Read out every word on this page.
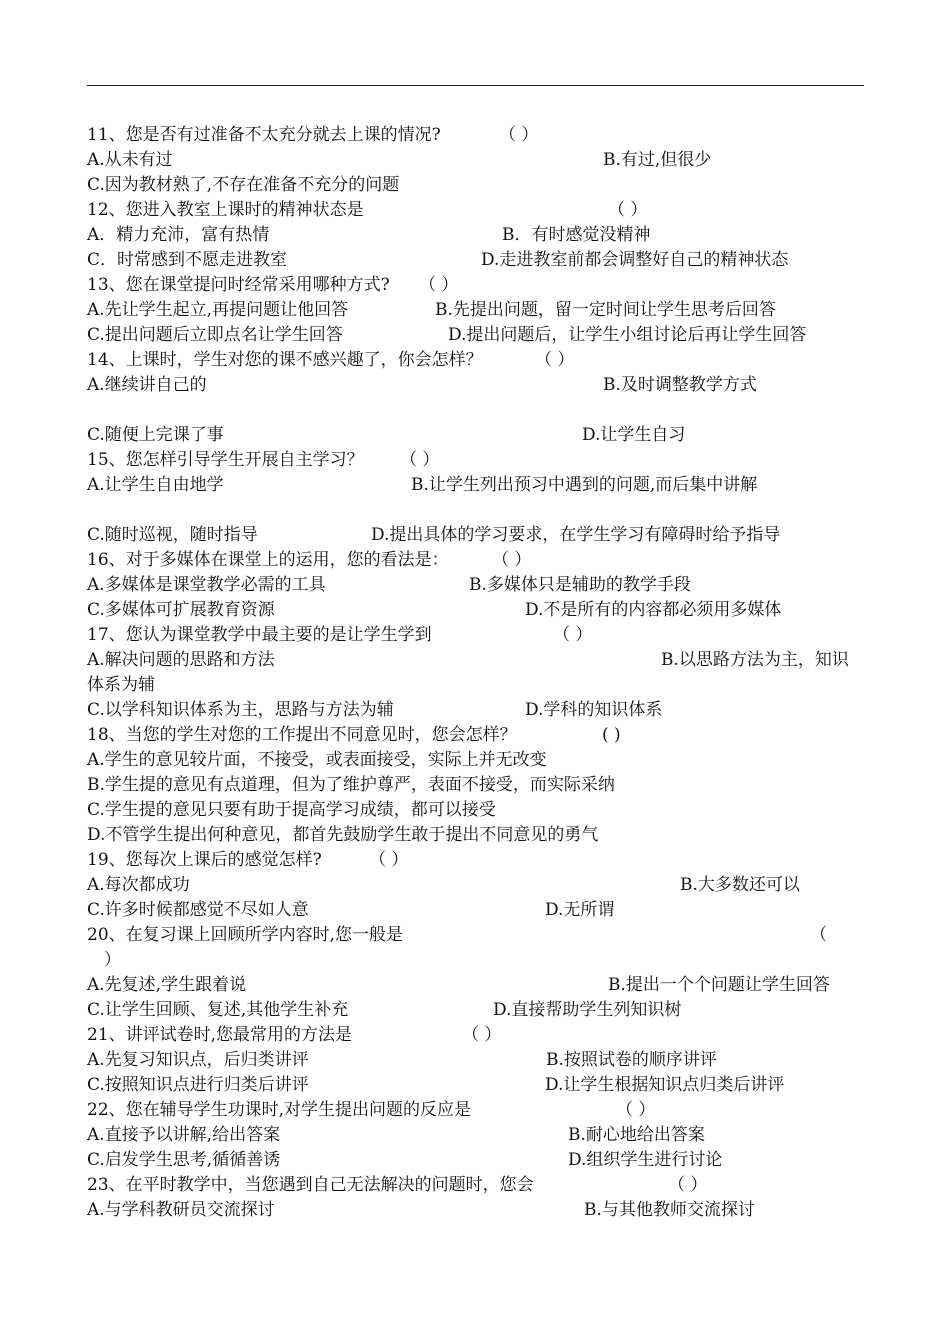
11、您是否有过准备不太充分就去上课的情况?	（ ）
A.从未有过	B.有过,但很少
C.因为教材熟了,不存在准备不充分的问题
12、您进入教室上课时的精神状态是	（ ）
A．精力充沛，富有热情	B．有时感觉没精神
C．时常感到不愿走进教室	D.走进教室前都会调整好自己的精神状态
13、您在课堂提问时经常采用哪种方式? （ ）
A.先让学生起立,再提问题让他回答	B.先提出问题，留一定时间让学生思考后回答
C.提出问题后立即点名让学生回答	D.提出问题后，让学生小组讨论后再让学生回答
14、上课时，学生对您的课不感兴趣了，你会怎样？	（ ）
A.继续讲自己的	B.及时调整教学方式
C.随便上完课了事	D.让学生自习
15、您怎样引导学生开展自主学习？ （ ）
A.让学生自由地学	B.让学生列出预习中遇到的问题,而后集中讲解
C.随时巡视，随时指导	D.提出具体的学习要求，在学生学习有障碍时给予指导
16、对于多媒体在课堂上的运用，您的看法是：	（ ）
A.多媒体是课堂教学必需的工具	B.多媒体只是辅助的教学手段
C.多媒体可扩展教育资源	D.不是所有的内容都必须用多媒体
17、您认为课堂教学中最主要的是让学生学到	（ ）
A.解决问题的思路和方法	B.以思路方法为主，知识
体系为辅
C.以学科知识体系为主，思路与方法为辅	D.学科的知识体系
18、当您的学生对您的工作提出不同意见时，您会怎样？	( )
A.学生的意见较片面，不接受，或表面接受，实际上并无改变
B.学生提的意见有点道理，但为了维护尊严，表面不接受，而实际采纳
C.学生提的意见只要有助于提高学习成绩，都可以接受
D.不管学生提出何种意见，都首先鼓励学生敢于提出不同意见的勇气
19、您每次上课后的感觉怎样?	（ ）
A.每次都成功	B.大多数还可以
C.许多时候都感觉不尽如人意	D.无所谓
20、在复习课上回顾所学内容时,您一般是	（
）
A.先复述,学生跟着说	B.提出一个个问题让学生回答
C.让学生回顾、复述,其他学生补充	D.直接帮助学生列知识树
21、讲评试卷时,您最常用的方法是	（ ）
A.先复习知识点，后归类讲评	B.按照试卷的顺序讲评
C.按照知识点进行归类后讲评	D.让学生根据知识点归类后讲评
22、您在辅导学生功课时,对学生提出问题的反应是	（ ）
A.直接予以讲解,给出答案	B.耐心地给出答案
C.启发学生思考,循循善诱	D.组织学生进行讨论
23、在平时教学中，当您遇到自己无法解决的问题时，您会	（ ）
A.与学科教研员交流探讨	B.与其他教师交流探讨
